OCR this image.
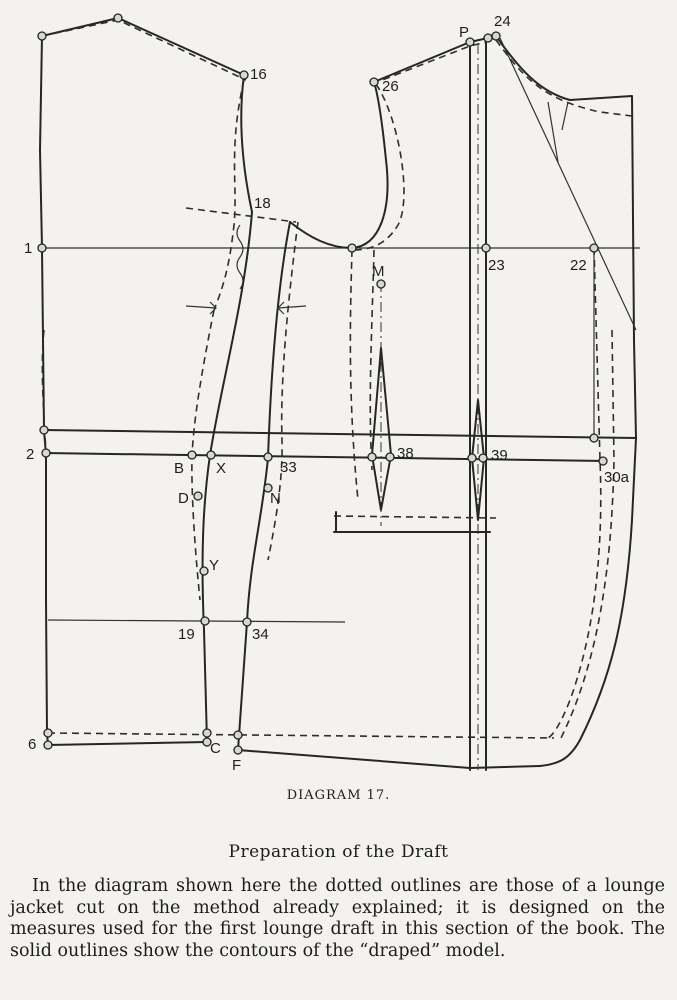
16
26
P
24
18
1
23	22
M
2
B X	33
38	39
30a
D	N
Y
19	34
6	C
F
DIAGRAM 17.
Preparation of the Draft

In the diagram shown here the dotted outlines are those of a lounge jacket cut on the method already explained; it is designed on the measures used for the first lounge draft in this section of the book. The solid outlines show the contours of the “draped” model.
